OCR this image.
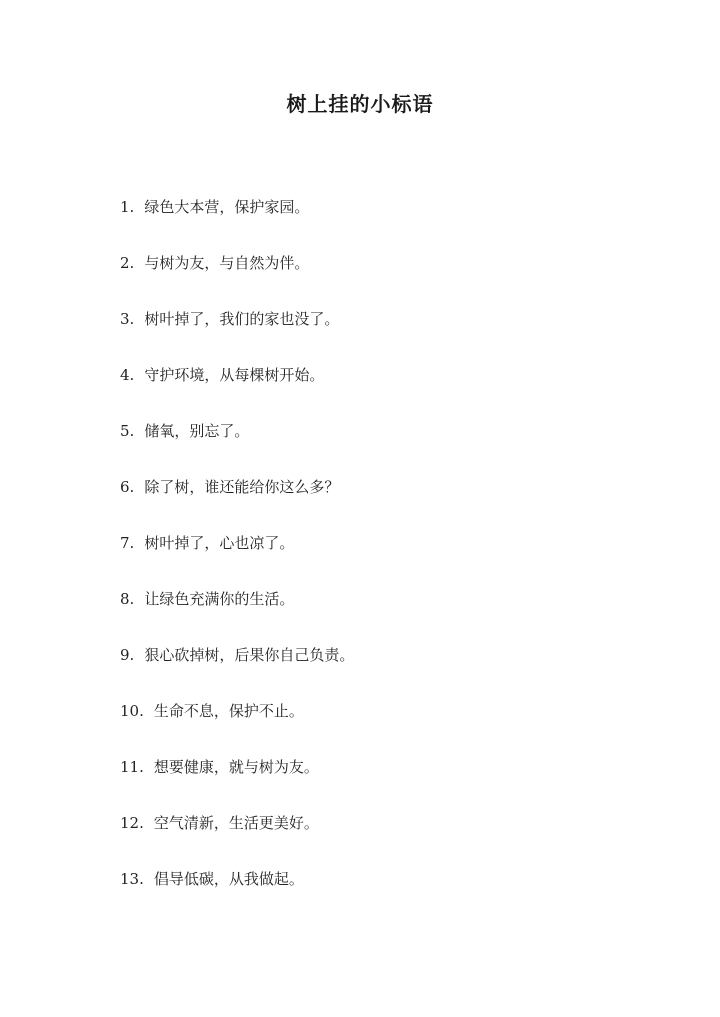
树上挂的小标语
1. 绿色大本营，保护家园。
2. 与树为友，与自然为伴。
3. 树叶掉了，我们的家也没了。
4. 守护环境，从每棵树开始。
5. 储氧，别忘了。
6. 除了树，谁还能给你这么多？
7. 树叶掉了，心也凉了。
8. 让绿色充满你的生活。
9. 狠心砍掉树，后果你自己负责。
10. 生命不息，保护不止。
11. 想要健康，就与树为友。
12. 空气清新，生活更美好。
13. 倡导低碳，从我做起。
